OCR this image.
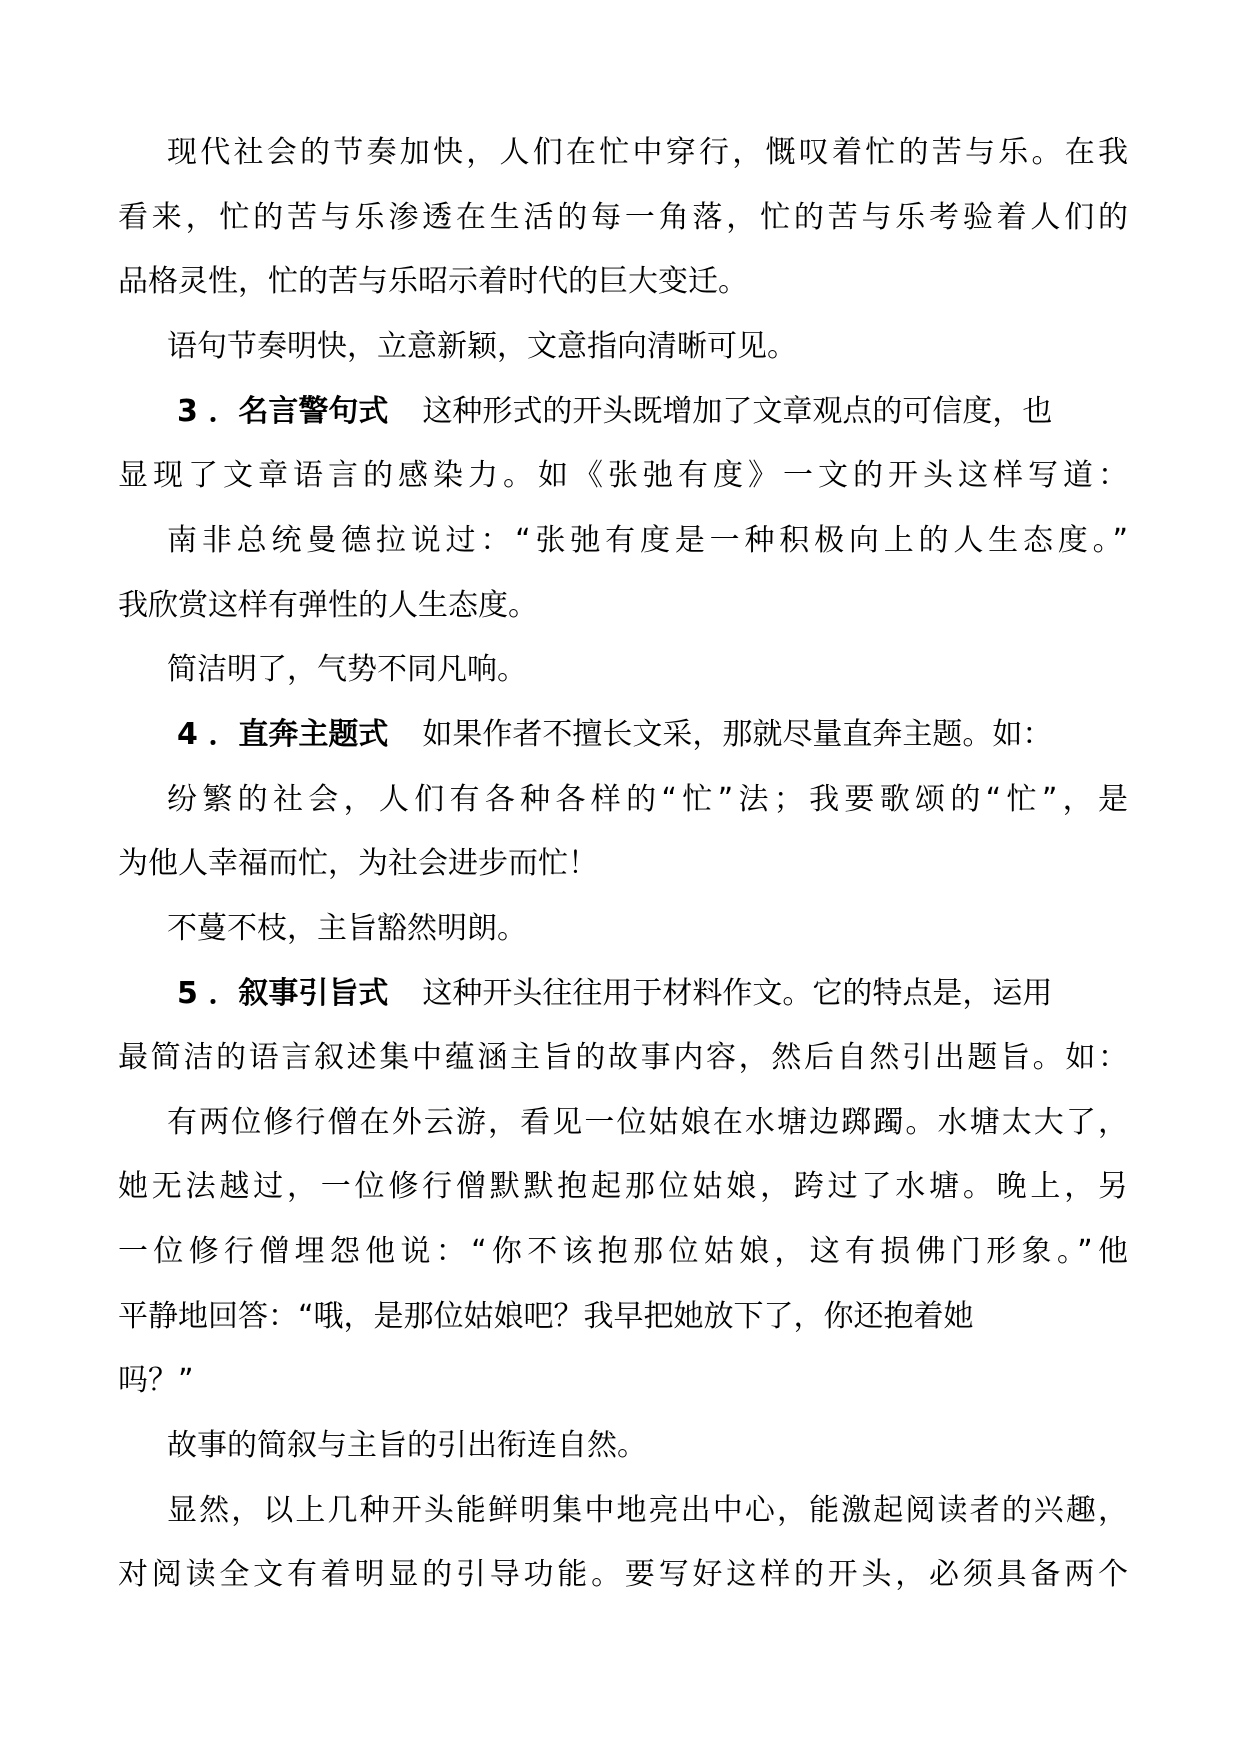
现代社会的节奏加快，人们在忙中穿行，慨叹着忙的苦与乐。在我
看来，忙的苦与乐渗透在生活的每一角落，忙的苦与乐考验着人们的
品格灵性，忙的苦与乐昭示着时代的巨大变迁。
语句节奏明快，立意新颖，文意指向清晰可见。
3 ．名言警句式 这种形式的开头既增加了文章观点的可信度，也
显现了文章语言的感染力。如《张弛有度》一文的开头这样写道：
南非总统曼德拉说过：“张弛有度是一种积极向上的人生态度。”
我欣赏这样有弹性的人生态度。
简洁明了，气势不同凡响。
4 ．直奔主题式 如果作者不擅长文采，那就尽量直奔主题。如：
纷繁的社会，人们有各种各样的“忙”法；我要歌颂的“忙”，是
为他人幸福而忙，为社会进步而忙！
不蔓不枝，主旨豁然明朗。
5 ．叙事引旨式 这种开头往往用于材料作文。它的特点是，运用
最简洁的语言叙述集中蕴涵主旨的故事内容，然后自然引出题旨。如：
有两位修行僧在外云游，看见一位姑娘在水塘边踯躅。水塘太大了，
她无法越过，一位修行僧默默抱起那位姑娘，跨过了水塘。晚上，另
一位修行僧埋怨他说：“你不该抱那位姑娘，这有损佛门形象。”他
平静地回答：“哦，是那位姑娘吧？我早把她放下了，你还抱着她
吗？”
故事的简叙与主旨的引出衔连自然。
显然，以上几种开头能鲜明集中地亮出中心，能激起阅读者的兴趣，
对阅读全文有着明显的引导功能。要写好这样的开头，必须具备两个
